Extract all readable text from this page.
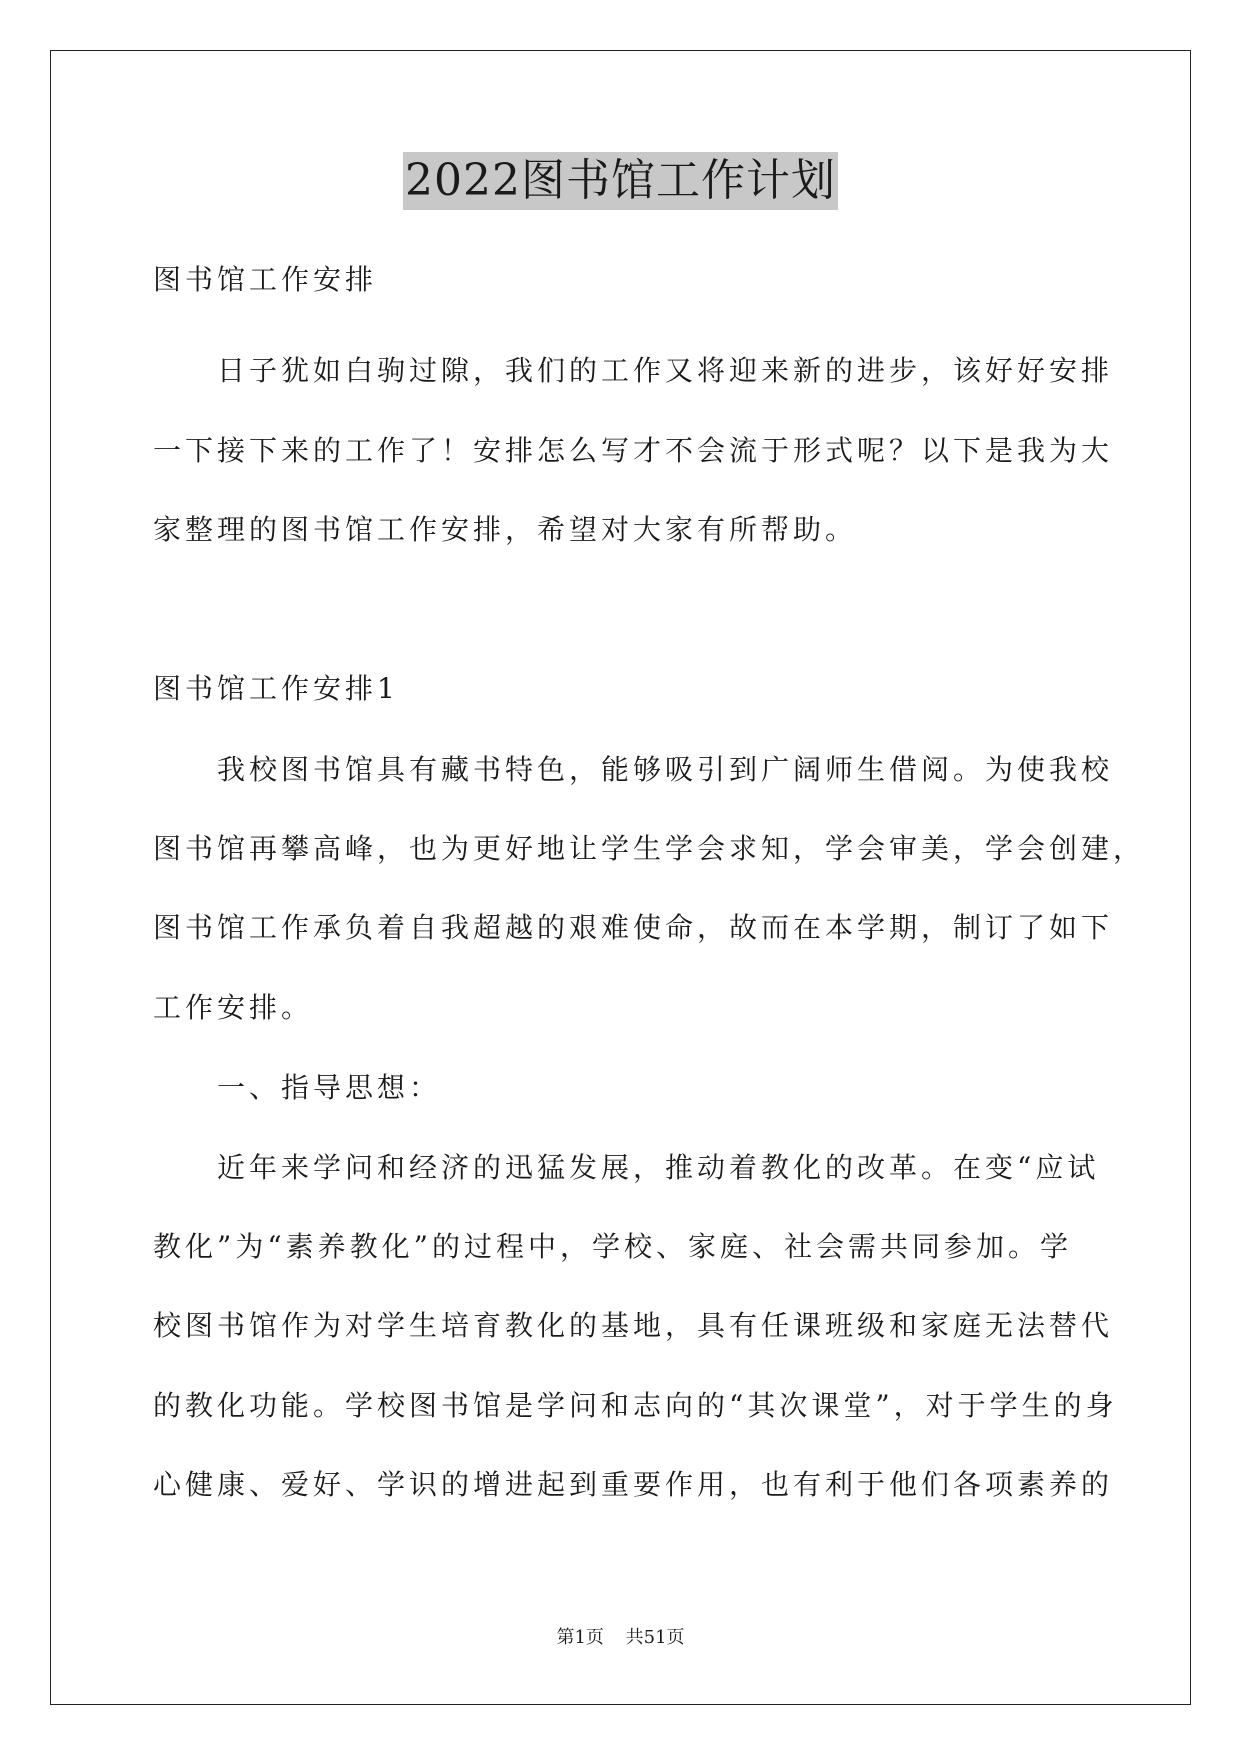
2022图书馆工作计划
图书馆工作安排
　　日子犹如白驹过隙，我们的工作又将迎来新的进步，该好好安排
一下接下来的工作了！安排怎么写才不会流于形式呢？以下是我为大
家整理的图书馆工作安排，希望对大家有所帮助。
图书馆工作安排1
　　我校图书馆具有藏书特色，能够吸引到广阔师生借阅。为使我校
图书馆再攀高峰，也为更好地让学生学会求知，学会审美，学会创建，
图书馆工作承负着自我超越的艰难使命，故而在本学期，制订了如下
工作安排。
　　一、指导思想：
　　近年来学问和经济的迅猛发展，推动着教化的改革。在变“应试
教化”为“素养教化”的过程中，学校、家庭、社会需共同参加。学
校图书馆作为对学生培育教化的基地，具有任课班级和家庭无法替代
的教化功能。学校图书馆是学问和志向的“其次课堂”，对于学生的身
心健康、爱好、学识的增进起到重要作用，也有利于他们各项素养的
第1页 共51页
